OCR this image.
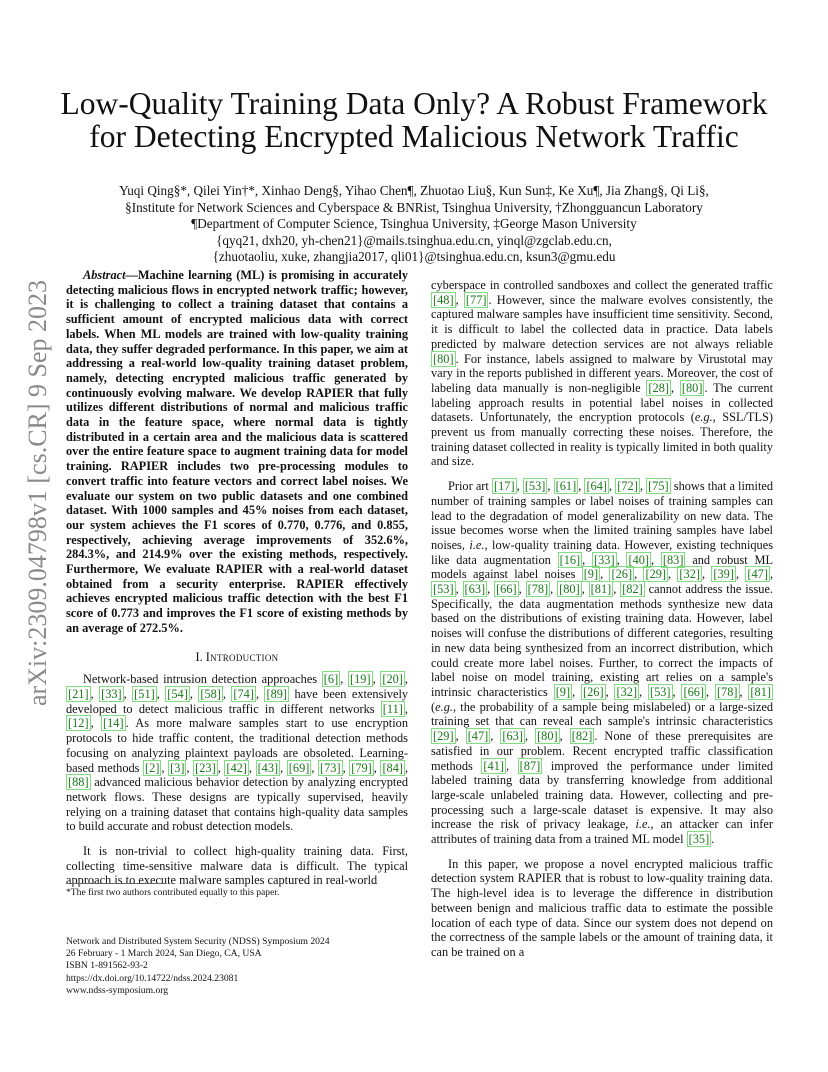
arXiv:2309.04798v1 [cs.CR] 9 Sep 2023
Low-Quality Training Data Only? A Robust Framework
for Detecting Encrypted Malicious Network Traffic
Yuqi Qing§*, Qilei Yin†*, Xinhao Deng§, Yihao Chen¶, Zhuotao Liu§, Kun Sun‡, Ke Xu¶, Jia Zhang§, Qi Li§,
§Institute for Network Sciences and Cyberspace & BNRist, Tsinghua University, †Zhongguancun Laboratory
¶Department of Computer Science, Tsinghua University, ‡George Mason University
{qyq21, dxh20, yh-chen21}@mails.tsinghua.edu.cn, yinql@zgclab.edu.cn,
{zhuotaoliu, xuke, zhangjia2017, qli01}@tsinghua.edu.cn, ksun3@gmu.edu

Abstract—Machine learning (ML) is promising in accurately detecting malicious flows in encrypted network traffic; however, it is challenging to collect a training dataset that contains a sufficient amount of encrypted malicious data with correct labels. When ML models are trained with low-quality training data, they suffer degraded performance. In this paper, we aim at addressing a real-world low-quality training dataset problem, namely, detecting encrypted malicious traffic generated by continuously evolving malware. We develop RAPIER that fully utilizes different distributions of normal and malicious traffic data in the feature space, where normal data is tightly distributed in a certain area and the malicious data is scattered over the entire feature space to augment training data for model training. RAPIER includes two pre-processing modules to convert traffic into feature vectors and correct label noises. We evaluate our system on two public datasets and one combined dataset. With 1000 samples and 45% noises from each dataset, our system achieves the F1 scores of 0.770, 0.776, and 0.855, respectively, achieving average improvements of 352.6%, 284.3%, and 214.9% over the existing methods, respectively. Furthermore, We evaluate RAPIER with a real-world dataset obtained from a security enterprise. RAPIER effectively achieves encrypted malicious traffic detection with the best F1 score of 0.773 and improves the F1 score of existing methods by an average of 272.5%.

I. Introduction

Network-based intrusion detection approaches [6] , [19] , [20] , [21] , [33] , [51] , [54] , [58] , [74] , [89] have been extensively developed to detect malicious traffic in different networks [11] , [12] , [14] . As more malware samples start to use encryption protocols to hide traffic content, the traditional detection methods focusing on analyzing plaintext payloads are obsoleted. Learning-based methods [2] , [3] , [23] , [42] , [43] , [69] , [73] , [79] , [84] , [88] advanced malicious behavior detection by analyzing encrypted network flows. These designs are typically supervised, heavily relying on a training dataset that contains high-quality data samples to build accurate and robust detection models.

It is non-trivial to collect high-quality training data. First, collecting time-sensitive malware data is difficult. The typical approach is to execute malware samples captured in real-world

cyberspace in controlled sandboxes and collect the generated traffic [48] , [77] . However, since the malware evolves consistently, the captured malware samples have insufficient time sensitivity. Second, it is difficult to label the collected data in practice. Data labels predicted by malware detection services are not always reliable [80] . For instance, labels assigned to malware by Virustotal may vary in the reports published in different years. Moreover, the cost of labeling data manually is non-negligible [28] , [80] . The current labeling approach results in potential label noises in collected datasets. Unfortunately, the encryption protocols (e.g., SSL/TLS) prevent us from manually correcting these noises. Therefore, the training dataset collected in reality is typically limited in both quality and size.

Prior art [17] , [53] , [61] , [64] , [72] , [75] shows that a limited number of training samples or label noises of training samples can lead to the degradation of model generalizability on new data. The issue becomes worse when the limited training samples have label noises, i.e., low-quality training data. However, existing techniques like data augmentation [16] , [33] , [40] , [83] and robust ML models against label noises [9] , [26] , [29] , [32] , [39] , [47] , [53] , [63] , [66] , [78] , [80] , [81] , [82] cannot address the issue. Specifically, the data augmentation methods synthesize new data based on the distributions of existing training data. However, label noises will confuse the distributions of different categories, resulting in new data being synthesized from an incorrect distribution, which could create more label noises. Further, to correct the impacts of label noise on model training, existing art relies on a sample's intrinsic characteristics [9] , [26] , [32] , [53] , [66] , [78] , [81] (e.g., the probability of a sample being mislabeled) or a large-sized training set that can reveal each sample's intrinsic characteristics [29] , [47] , [63] , [80] , [82] . None of these prerequisites are satisfied in our problem. Recent encrypted traffic classification methods [41] , [87] improved the performance under limited labeled training data by transferring knowledge from additional large-scale unlabeled training data. However, collecting and pre-processing such a large-scale dataset is expensive. It may also increase the risk of privacy leakage, i.e., an attacker can infer attributes of training data from a trained ML model [35] .

In this paper, we propose a novel encrypted malicious traffic detection system RAPIER that is robust to low-quality training data. The high-level idea is to leverage the difference in distribution between benign and malicious traffic data to estimate the possible location of each type of data. Since our system does not depend on the correctness of the sample labels or the amount of training data, it can be trained on a

*The first two authors contributed equally to this paper.
Network and Distributed System Security (NDSS) Symposium 2024
26 February - 1 March 2024, San Diego, CA, USA
ISBN 1-891562-93-2
https://dx.doi.org/10.14722/ndss.2024.23081
www.ndss-symposium.org
